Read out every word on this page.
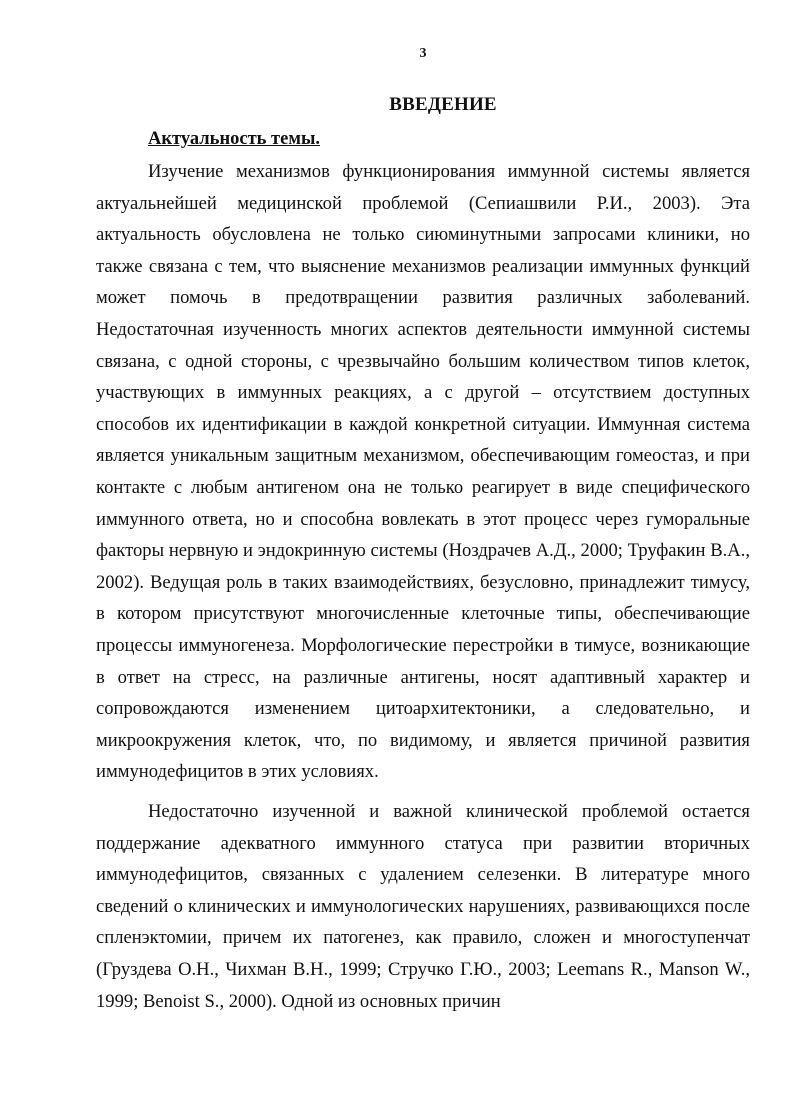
3
ВВЕДЕНИЕ
Актуальность темы.

Изучение механизмов функционирования иммунной системы является актуальнейшей медицинской проблемой (Сепиашвили Р.И., 2003). Эта актуальность обусловлена не только сиюминутными запросами клиники, но также связана с тем, что выяснение механизмов реализации иммунных функций может помочь в предотвращении развития различных заболеваний. Недостаточная изученность многих аспектов деятельности иммунной системы связана, с одной стороны, с чрезвычайно большим количеством типов клеток, участвующих в иммунных реакциях, а с другой – отсутствием доступных способов их идентификации в каждой конкретной ситуации. Иммунная система является уникальным защитным механизмом, обеспечивающим гомеостаз, и при контакте с любым антигеном она не только реагирует в виде специфического иммунного ответа, но и способна вовлекать в этот процесс через гуморальные факторы нервную и эндокринную системы (Ноздрачев А.Д., 2000; Труфакин В.А., 2002). Ведущая роль в таких взаимодействиях, безусловно, принадлежит тимусу, в котором присутствуют многочисленные клеточные типы, обеспечивающие процессы иммуногенеза. Морфологические перестройки в тимусе, возникающие в ответ на стресс, на различные антигены, носят адаптивный характер и сопровождаются изменением цитоархитектоники, а следовательно, и микроокружения клеток, что, по видимому, и является причиной развития иммунодефицитов в этих условиях.

Недостаточно изученной и важной клинической проблемой остается поддержание адекватного иммунного статуса при развитии вторичных иммунодефицитов, связанных с удалением селезенки. В литературе много сведений о клинических и иммунологических нарушениях, развивающихся после спленэктомии, причем их патогенез, как правило, сложен и многоступенчат (Груздева О.Н., Чихман В.Н., 1999; Стручко Г.Ю., 2003; Leemans R., Manson W., 1999; Benoist S., 2000). Одной из основных причин
